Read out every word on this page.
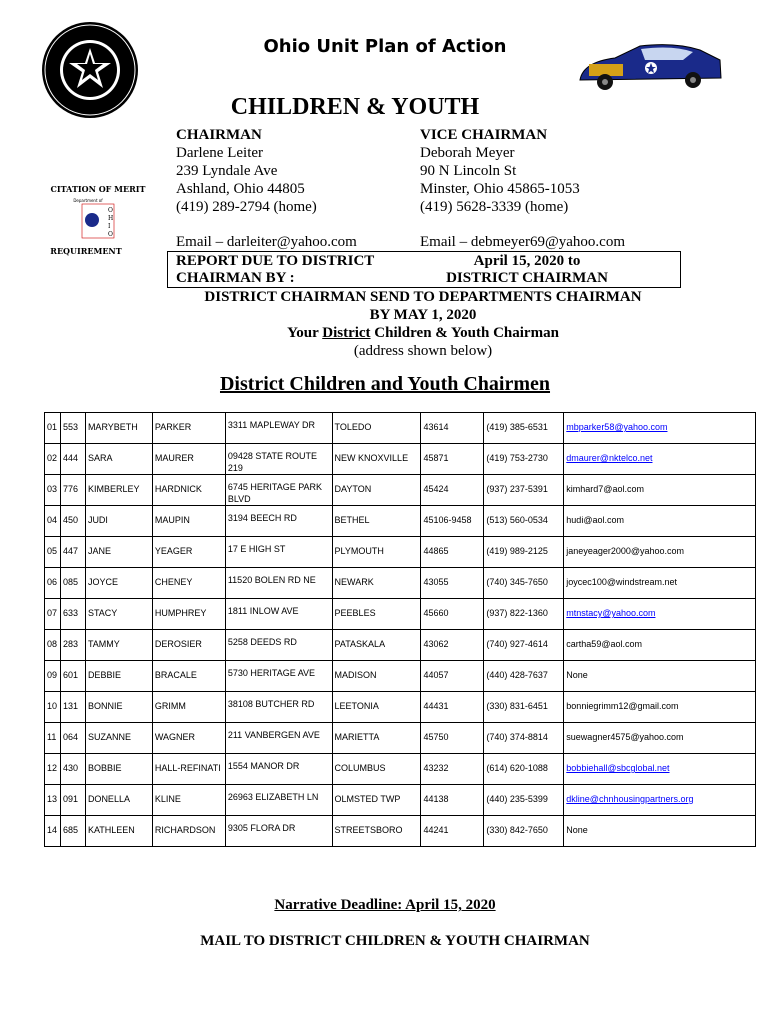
Ohio Unit Plan of Action
CITATION OF MERIT
Department of
O
H
I
O
REQUIREMENT
CHILDREN & YOUTH
CHAIRMAN
Darlene Leiter
239 Lyndale Ave
Ashland, Ohio 44805
(419) 289-2794 (home)
VICE CHAIRMAN
Deborah Meyer
90 N Lincoln St
Minster, Ohio 45865-1053
(419) 5628-3339 (home)
Email – darleiter@yahoo.com	Email – debmeyer69@yahoo.com
REPORT DUE TO DISTRICT
CHAIRMAN BY :
April 15, 2020 to
DISTRICT CHAIRMAN
DISTRICT CHAIRMAN SEND TO DEPARTMENTS CHAIRMAN
BY MAY 1, 2020
Your District Children & Youth Chairman
(address shown below)
District Children and Youth Chairmen
01	553	MARYBETH	PARKER	3311 MAPLEWAY DR	TOLEDO	43614	(419) 385-6531	mbparker58@yahoo.com
02	444	SARA	MAURER	09428 STATE ROUTE 219	NEW KNOXVILLE	45871	(419) 753-2730	dmaurer@nktelco.net
03	776	KIMBERLEY	HARDNICK	6745 HERITAGE PARK BLVD	DAYTON	45424	(937) 237-5391	kimhard7@aol.com
04	450	JUDI	MAUPIN	3194 BEECH RD	BETHEL	45106-9458	(513) 560-0534	hudi@aol.com
05	447	JANE	YEAGER	17 E HIGH ST	PLYMOUTH	44865	(419) 989-2125	janeyeager2000@yahoo.com
06	085	JOYCE	CHENEY	11520 BOLEN RD NE	NEWARK	43055	(740) 345-7650	joycec100@windstream.net
07	633	STACY	HUMPHREY	1811 INLOW AVE	PEEBLES	45660	(937) 822-1360	mtnstacy@yahoo.com
08	283	TAMMY	DEROSIER	5258 DEEDS RD	PATASKALA	43062	(740) 927-4614	cartha59@aol.com
09	601	DEBBIE	BRACALE	5730 HERITAGE AVE	MADISON	44057	(440) 428-7637	None
10	131	BONNIE	GRIMM	38108 BUTCHER RD	LEETONIA	44431	(330) 831-6451	bonniegrimm12@gmail.com
11	064	SUZANNE	WAGNER	211 VANBERGEN AVE	MARIETTA	45750	(740) 374-8814	suewagner4575@yahoo.com
12	430	BOBBIE	HALL-REFINATI	1554 MANOR DR	COLUMBUS	43232	(614) 620-1088	bobbiehall@sbcglobal.net
13	091	DONELLA	KLINE	26963 ELIZABETH LN	OLMSTED TWP	44138	(440) 235-5399	dkline@chnhousingpartners.org
14	685	KATHLEEN	RICHARDSON	9305 FLORA DR	STREETSBORO	44241	(330) 842-7650	None
Narrative Deadline: April 15, 2020
MAIL TO DISTRICT CHILDREN & YOUTH CHAIRMAN
